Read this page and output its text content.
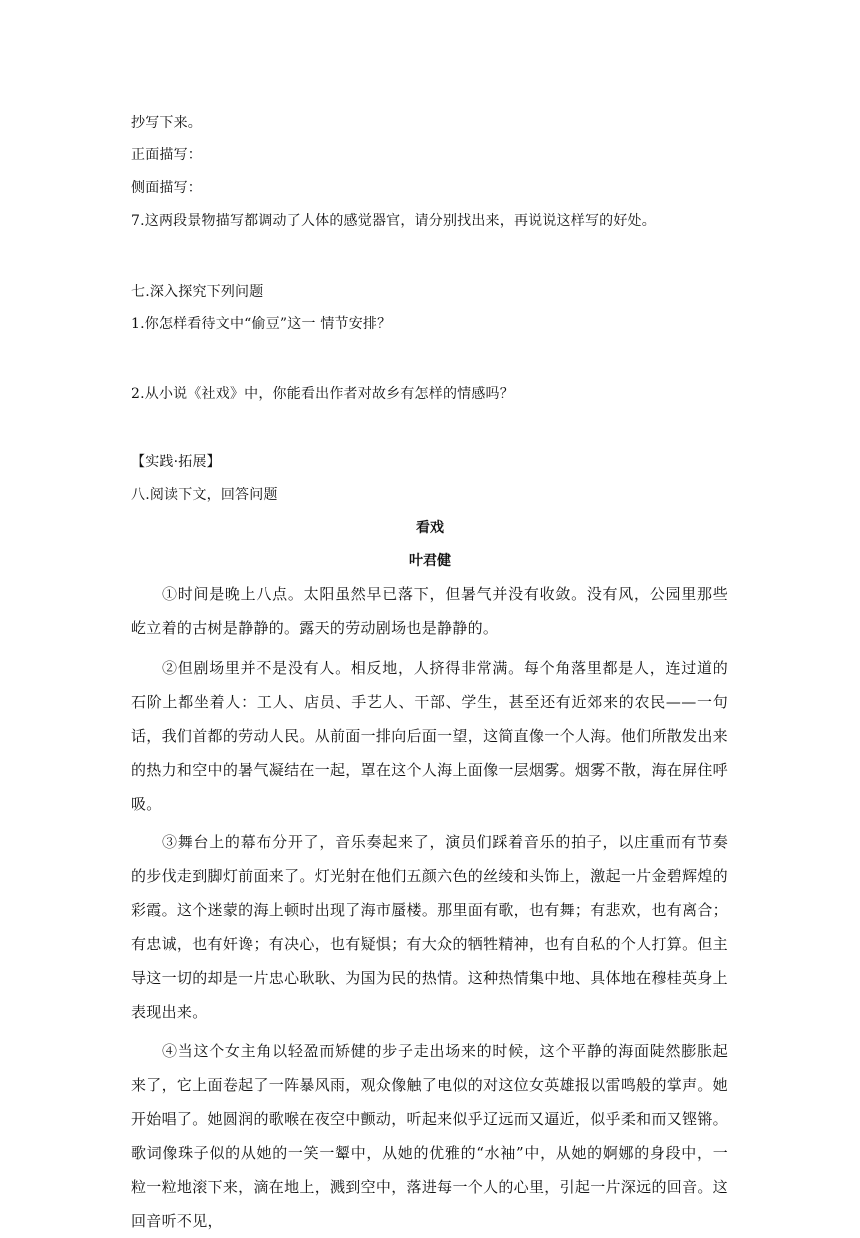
抄写下来。
正面描写：
侧面描写：
7.这两段景物描写都调动了人体的感觉器官，请分别找出来，再说说这样写的好处。
七.深入探究下列问题
1.你怎样看待文中“偷豆”这一 情节安排？
2.从小说《社戏》中，你能看出作者对故乡有怎样的情感吗？
【实践·拓展】
八.阅读下文，回答问题
看戏
叶君健
①时间是晚上八点。太阳虽然早已落下，但暑气并没有收敛。没有风，公园里那些屹立着的古树是静静的。露天的劳动剧场也是静静的。
②但剧场里并不是没有人。相反地，人挤得非常满。每个角落里都是人，连过道的石阶上都坐着人：工人、店员、手艺人、干部、学生，甚至还有近郊来的农民——一句话，我们首都的劳动人民。从前面一排向后面一望，这简直像一个人海。他们所散发出来的热力和空中的暑气凝结在一起，罩在这个人海上面像一层烟雾。烟雾不散，海在屏住呼吸。
③舞台上的幕布分开了，音乐奏起来了，演员们踩着音乐的拍子，以庄重而有节奏的步伐走到脚灯前面来了。灯光射在他们五颜六色的丝绫和头饰上，激起一片金碧辉煌的彩霞。这个迷蒙的海上顿时出现了海市蜃楼。那里面有歌，也有舞；有悲欢，也有离合；有忠诚，也有奸谗；有决心，也有疑惧；有大众的牺牲精神，也有自私的个人打算。但主导这一切的却是一片忠心耿耿、为国为民的热情。这种热情集中地、具体地在穆桂英身上表现出来。
④当这个女主角以轻盈而矫健的步子走出场来的时候，这个平静的海面陡然膨胀起来了，它上面卷起了一阵暴风雨，观众像触了电似的对这位女英雄报以雷鸣般的掌声。她开始唱了。她圆润的歌喉在夜空中颤动，听起来似乎辽远而又逼近，似乎柔和而又铿锵。歌词像珠子似的从她的一笑一颦中，从她的优雅的“水袖”中，从她的婀娜的身段中，一粒一粒地滚下来，滴在地上，溅到空中，落进每一个人的心里，引起一片深远的回音。这回音听不见，
